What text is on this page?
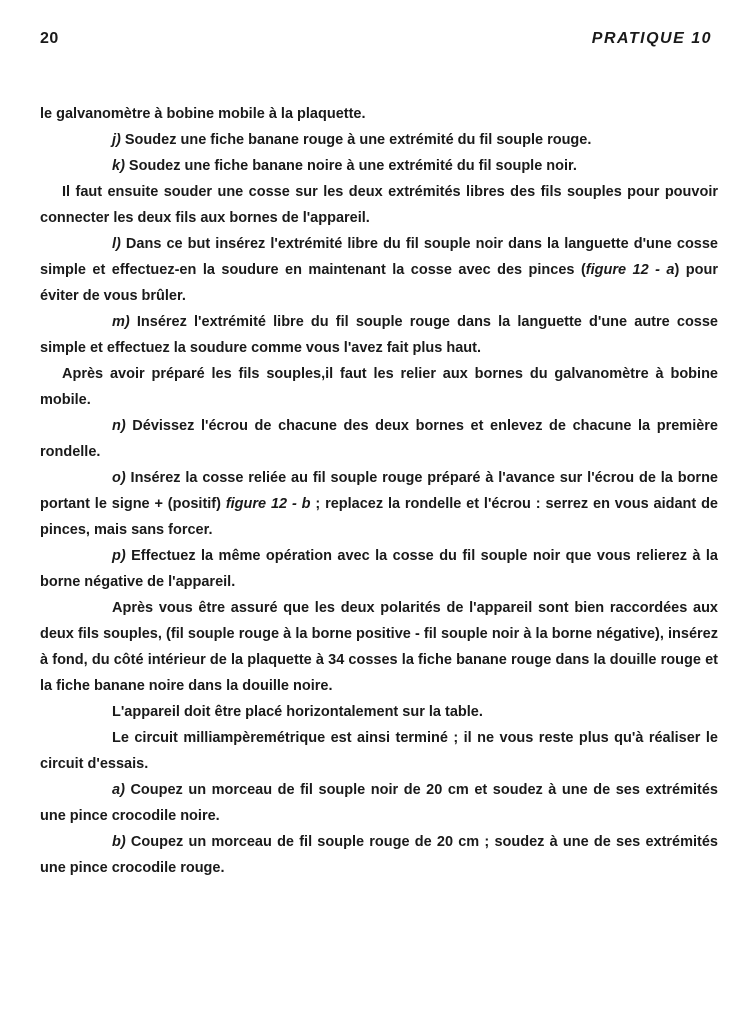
20	PRATIQUE 10

le galvanomètre à bobine mobile à la plaquette.

j) Soudez une fiche banane rouge à une extrémité du fil souple rouge.

k) Soudez une fiche banane noire à une extrémité du fil souple noir.

Il faut ensuite souder une cosse sur les deux extrémités libres des fils souples pour pouvoir connecter les deux fils aux bornes de l'appareil.

l) Dans ce but insérez l'extrémité libre du fil souple noir dans la languette d'une cosse simple et effectuez-en la soudure en maintenant la cosse avec des pinces (figure 12 - a) pour éviter de vous brûler.

m) Insérez l'extrémité libre du fil souple rouge dans la languette d'une autre cosse simple et effectuez la soudure comme vous l'avez fait plus haut.

Après avoir préparé les fils souples,il faut les relier aux bornes du galvanomètre à bobine mobile.

n) Dévissez l'écrou de chacune des deux bornes et enlevez de chacune la première rondelle.

o) Insérez la cosse reliée au fil souple rouge préparé à l'avance sur l'écrou de la borne portant le signe + (positif) figure 12 - b ; replacez la rondelle et l'écrou : serrez en vous aidant de pinces, mais sans forcer.

p) Effectuez la même opération avec la cosse du fil souple noir que vous relierez à la borne négative de l'appareil.

Après vous être assuré que les deux polarités de l'appareil sont bien raccordées aux deux fils souples, (fil souple rouge à la borne positive - fil souple noir à la borne négative), insérez à fond, du côté intérieur de la plaquette à 34 cosses la fiche banane rouge dans la douille rouge et la fiche banane noire dans la douille noire.

L'appareil doit être placé horizontalement sur la table.

Le circuit milliampèremétrique est ainsi terminé ; il ne vous reste plus qu'à réaliser le circuit d'essais.

a) Coupez un morceau de fil souple noir de 20 cm et soudez à une de ses extrémités une pince crocodile noire.

b) Coupez un morceau de fil souple rouge de 20 cm ; soudez à une de ses extrémités une pince crocodile rouge.
